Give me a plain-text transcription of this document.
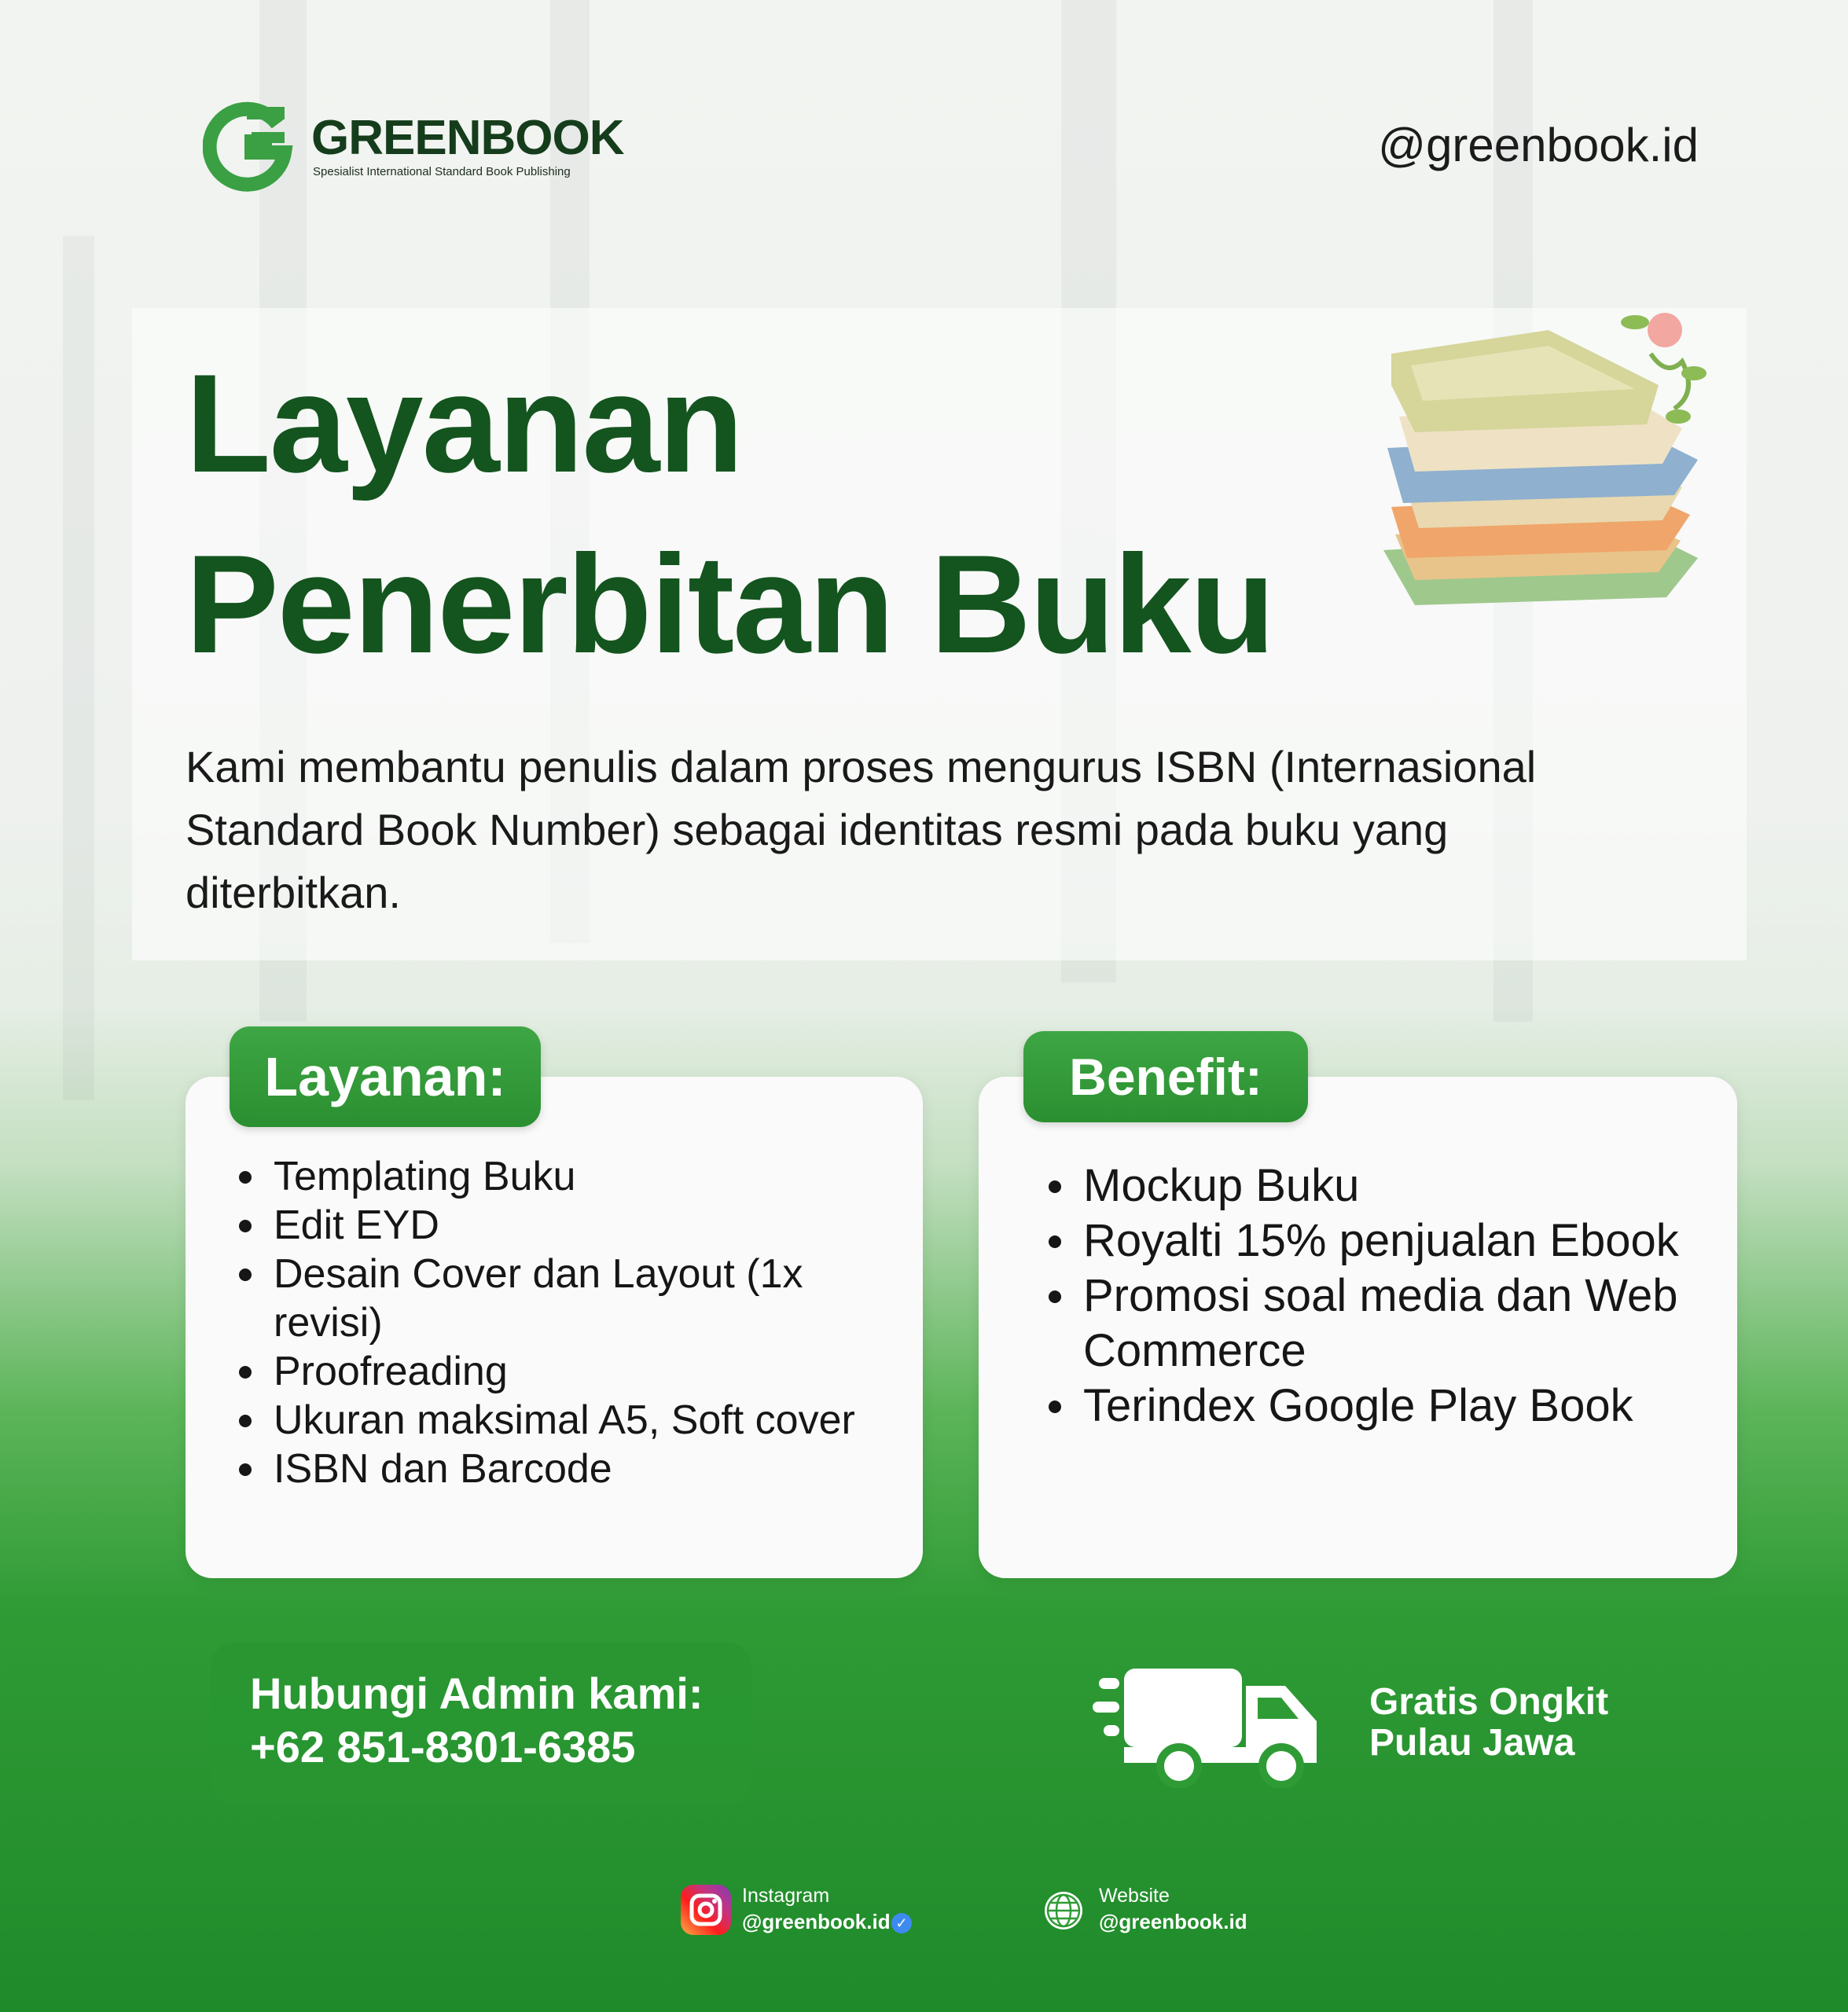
GREENBOOK
Spesialist International Standard Book Publishing
@greenbook.id
Layanan
Penerbitan Buku
Kami membantu penulis dalam proses mengurus ISBN (Internasional Standard Book Number) sebagai identitas resmi pada buku yang diterbitkan.
Layanan:
Templating Buku
Edit EYD
Desain Cover dan Layout (1x revisi)
Proofreading
Ukuran maksimal A5, Soft cover
ISBN dan Barcode
Benefit:
Mockup Buku
Royalti 15% penjualan Ebook
Promosi soal media dan Web Commerce
Terindex Google Play Book
Hubungi Admin kami:
+62 851-8301-6385
Gratis Ongkit
Pulau Jawa
Instagram
@greenbook.id ✓
Website
@greenbook.id
